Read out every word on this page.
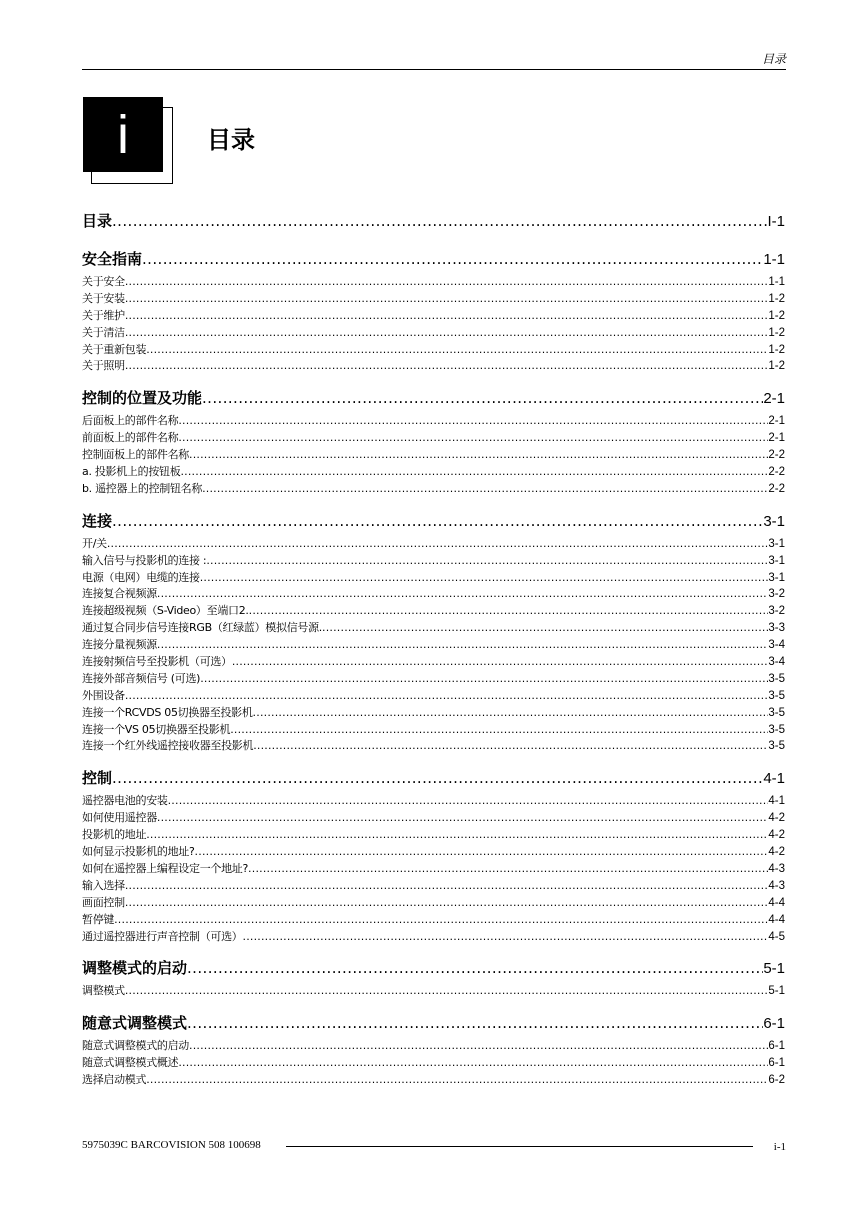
目录
i	目录
目录 .....	I-1
安全指南 .....	1-1
关于安全 .....	1-1
关于安装 .....	1-2
关于维护 .....	1-2
关于清洁 .....	1-2
关于重新包装 .....	1-2
关于照明 .....	1-2
控制的位置及功能 .....	2-1
后面板上的部件名称 .....	2-1
前面板上的部件名称 .....	2-1
控制面板上的部件名称 .....	2-2
a. 投影机上的按钮板 .....	2-2
b. 遥控器上的控制钮名称 .....	2-2
连接 .....	3-1
开/关 .....	3-1
输入信号与投影机的连接 : .....	3-1
电源（电网）电缆的连接 .....	3-1
连接复合视频源 .....	3-2
连接超级视频（S-Video）至端口2. .....	3-2
通过复合同步信号连接RGB（红绿蓝）模拟信号源. .....	3-3
连接分量视频源 .....	3-4
连接射频信号至投影机（可选） .....	3-4
连接外部音频信号 (可选) .....	3-5
外围设备 .....	3-5
连接一个RCVDS 05切换器至投影机 .....	3-5
连接一个VS 05切换器至投影机 .....	3-5
连接一个红外线遥控接收器至投影机 .....	3-5
控制 .....	4-1
遥控器电池的安装 .....	4-1
如何使用遥控器 .....	4-2
投影机的地址 .....	4-2
如何显示投影机的地址? .....	4-2
如何在遥控器上编程设定一个地址? .....	4-3
输入选择 .....	4-3
画面控制 .....	4-4
暂停键 .....	4-4
通过遥控器进行声音控制（可选） .....	4-5
调整模式的启动 .....	5-1
调整模式 .....	5-1
随意式调整模式 .....	6-1
随意式调整模式的启动 .....	6-1
随意式调整模式概述 .....	6-1
选择启动模式 .....	6-2
5975039C BARCOVISION 508 100698	i-1
